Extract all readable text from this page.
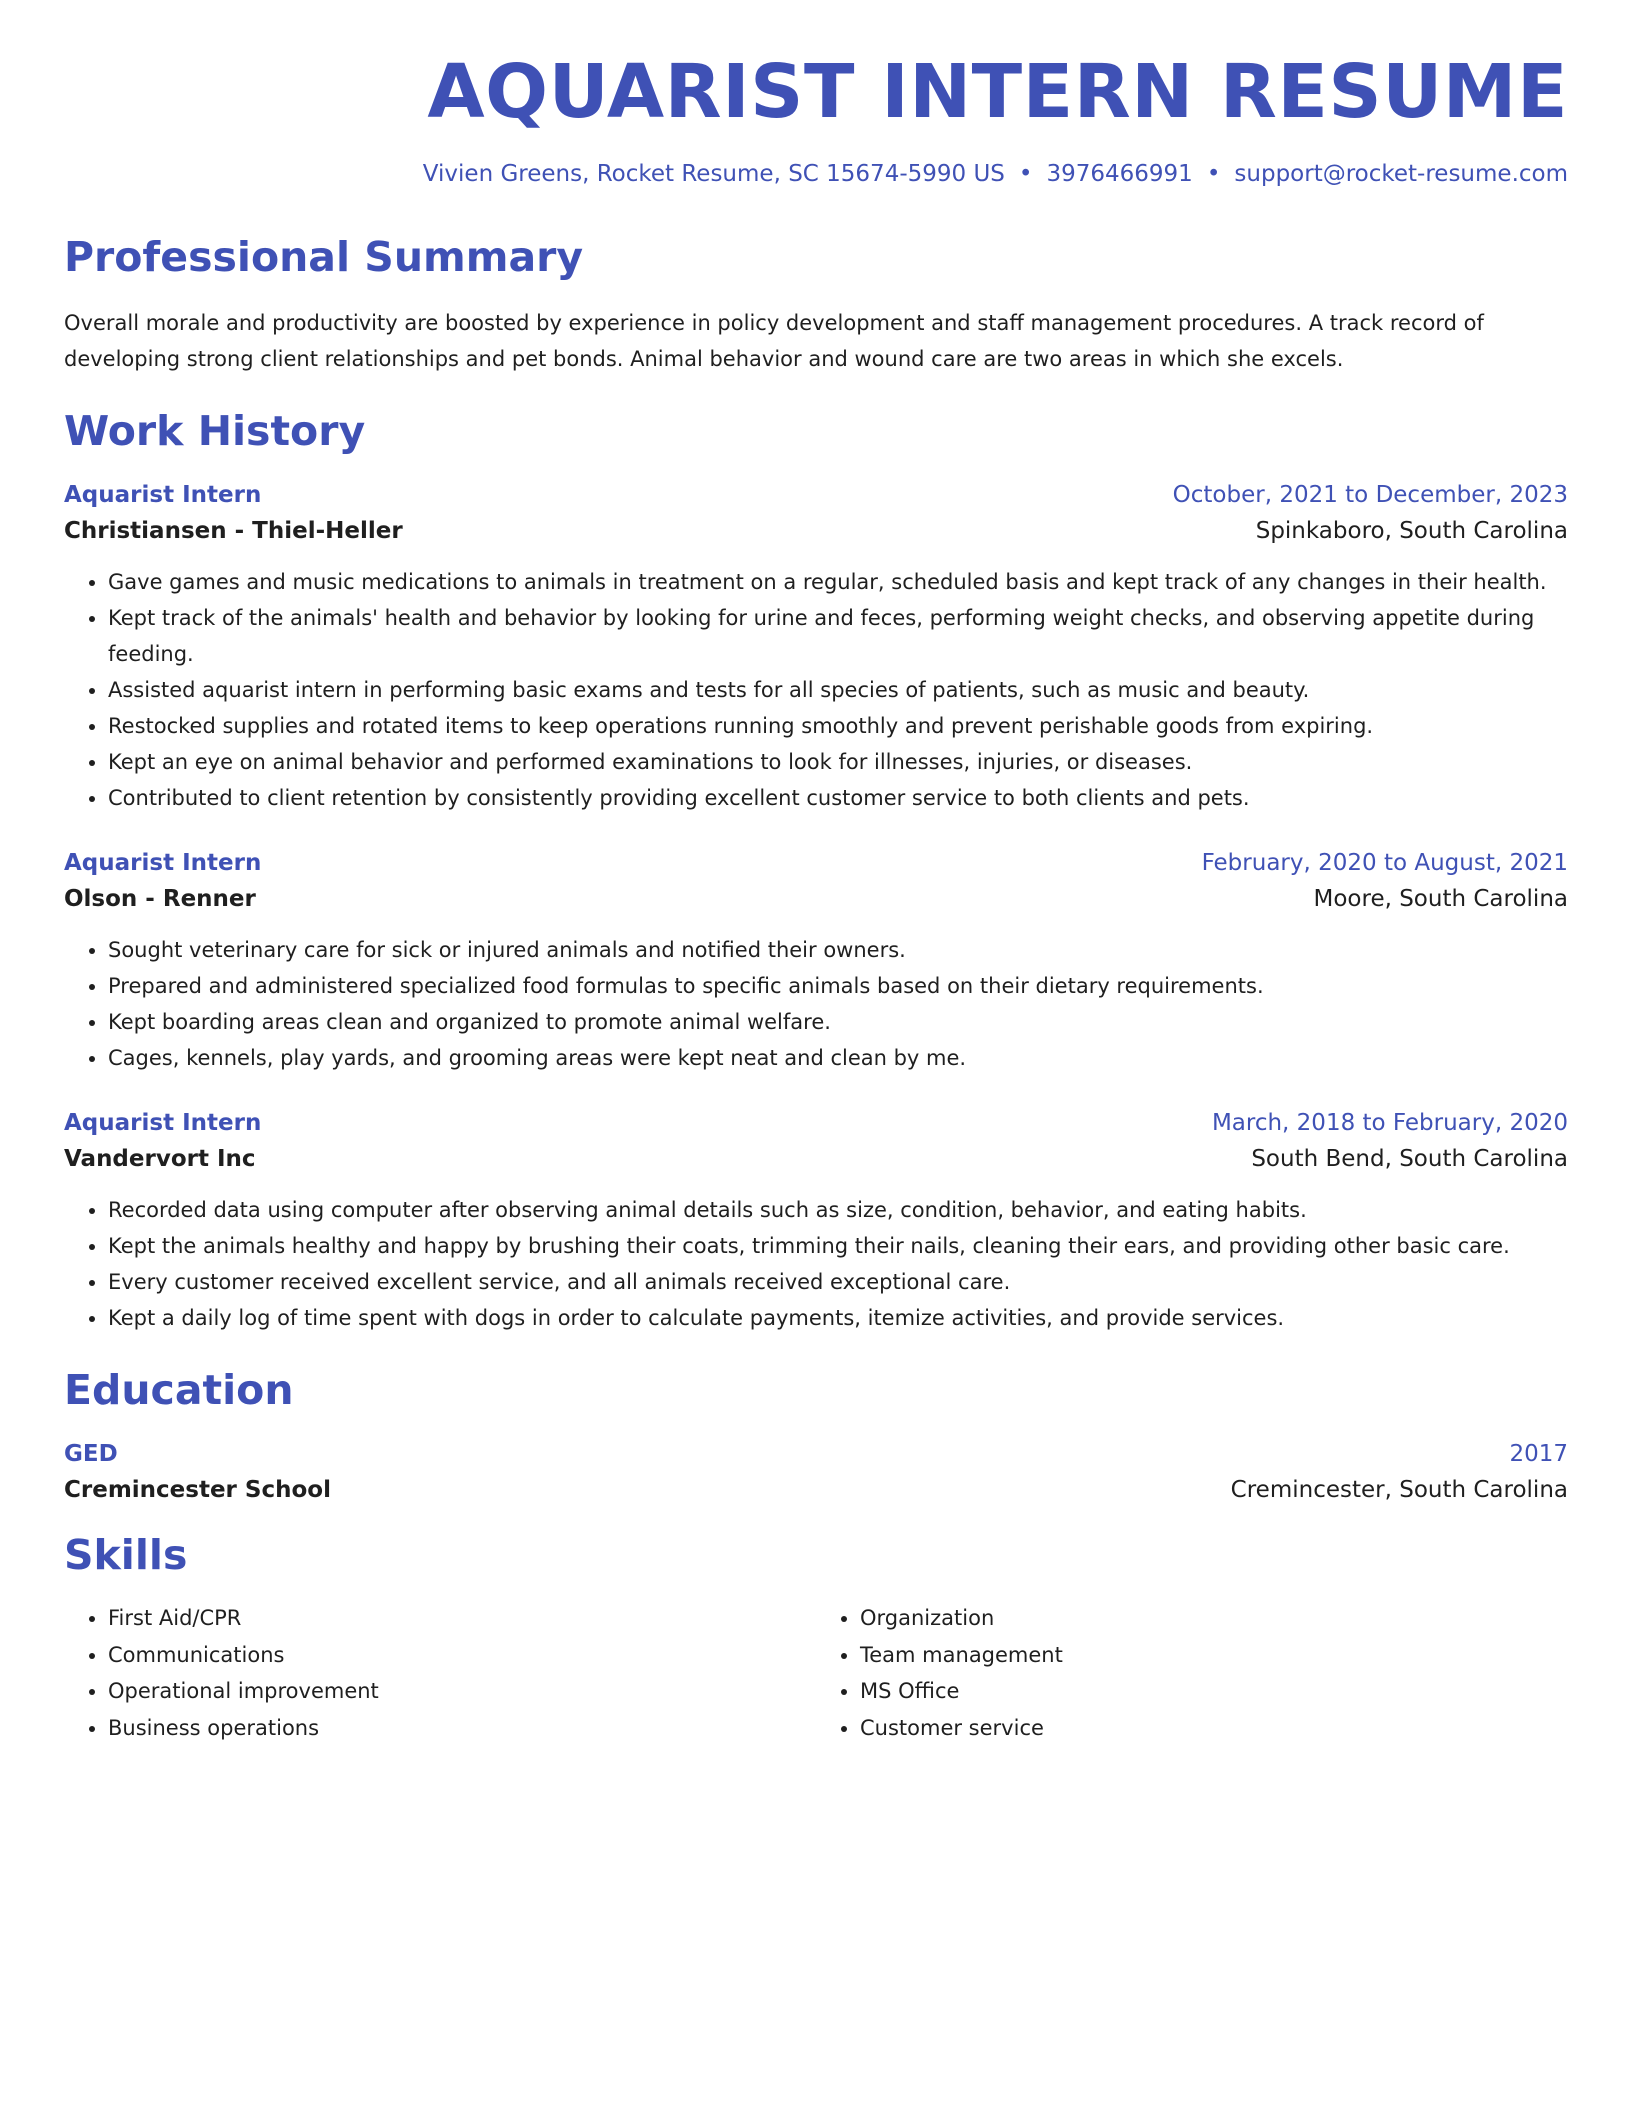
AQUARIST INTERN RESUME
Vivien Greens, Rocket Resume, SC 15674-5990 US • 3976466991 • support@rocket-resume.com
Professional Summary
Overall morale and productivity are boosted by experience in policy development and staff management procedures. A track record of developing strong client relationships and pet bonds. Animal behavior and wound care are two areas in which she excels.
Work History
Aquarist Intern	October, 2021 to December, 2023
Christiansen - Thiel-Heller	Spinkaboro, South Carolina
• Gave games and music medications to animals in treatment on a regular, scheduled basis and kept track of any changes in their health.
• Kept track of the animals' health and behavior by looking for urine and feces, performing weight checks, and observing appetite during feeding.
• Assisted aquarist intern in performing basic exams and tests for all species of patients, such as music and beauty.
• Restocked supplies and rotated items to keep operations running smoothly and prevent perishable goods from expiring.
• Kept an eye on animal behavior and performed examinations to look for illnesses, injuries, or diseases.
• Contributed to client retention by consistently providing excellent customer service to both clients and pets.
Aquarist Intern	February, 2020 to August, 2021
Olson - Renner	Moore, South Carolina
• Sought veterinary care for sick or injured animals and notified their owners.
• Prepared and administered specialized food formulas to specific animals based on their dietary requirements.
• Kept boarding areas clean and organized to promote animal welfare.
• Cages, kennels, play yards, and grooming areas were kept neat and clean by me.
Aquarist Intern	March, 2018 to February, 2020
Vandervort Inc	South Bend, South Carolina
• Recorded data using computer after observing animal details such as size, condition, behavior, and eating habits.
• Kept the animals healthy and happy by brushing their coats, trimming their nails, cleaning their ears, and providing other basic care.
• Every customer received excellent service, and all animals received exceptional care.
• Kept a daily log of time spent with dogs in order to calculate payments, itemize activities, and provide services.
Education
GED	2017
Cremincester School	Cremincester, South Carolina
Skills
• First Aid/CPR
• Communications
• Operational improvement
• Business operations
• Organization
• Team management
• MS Office
• Customer service
